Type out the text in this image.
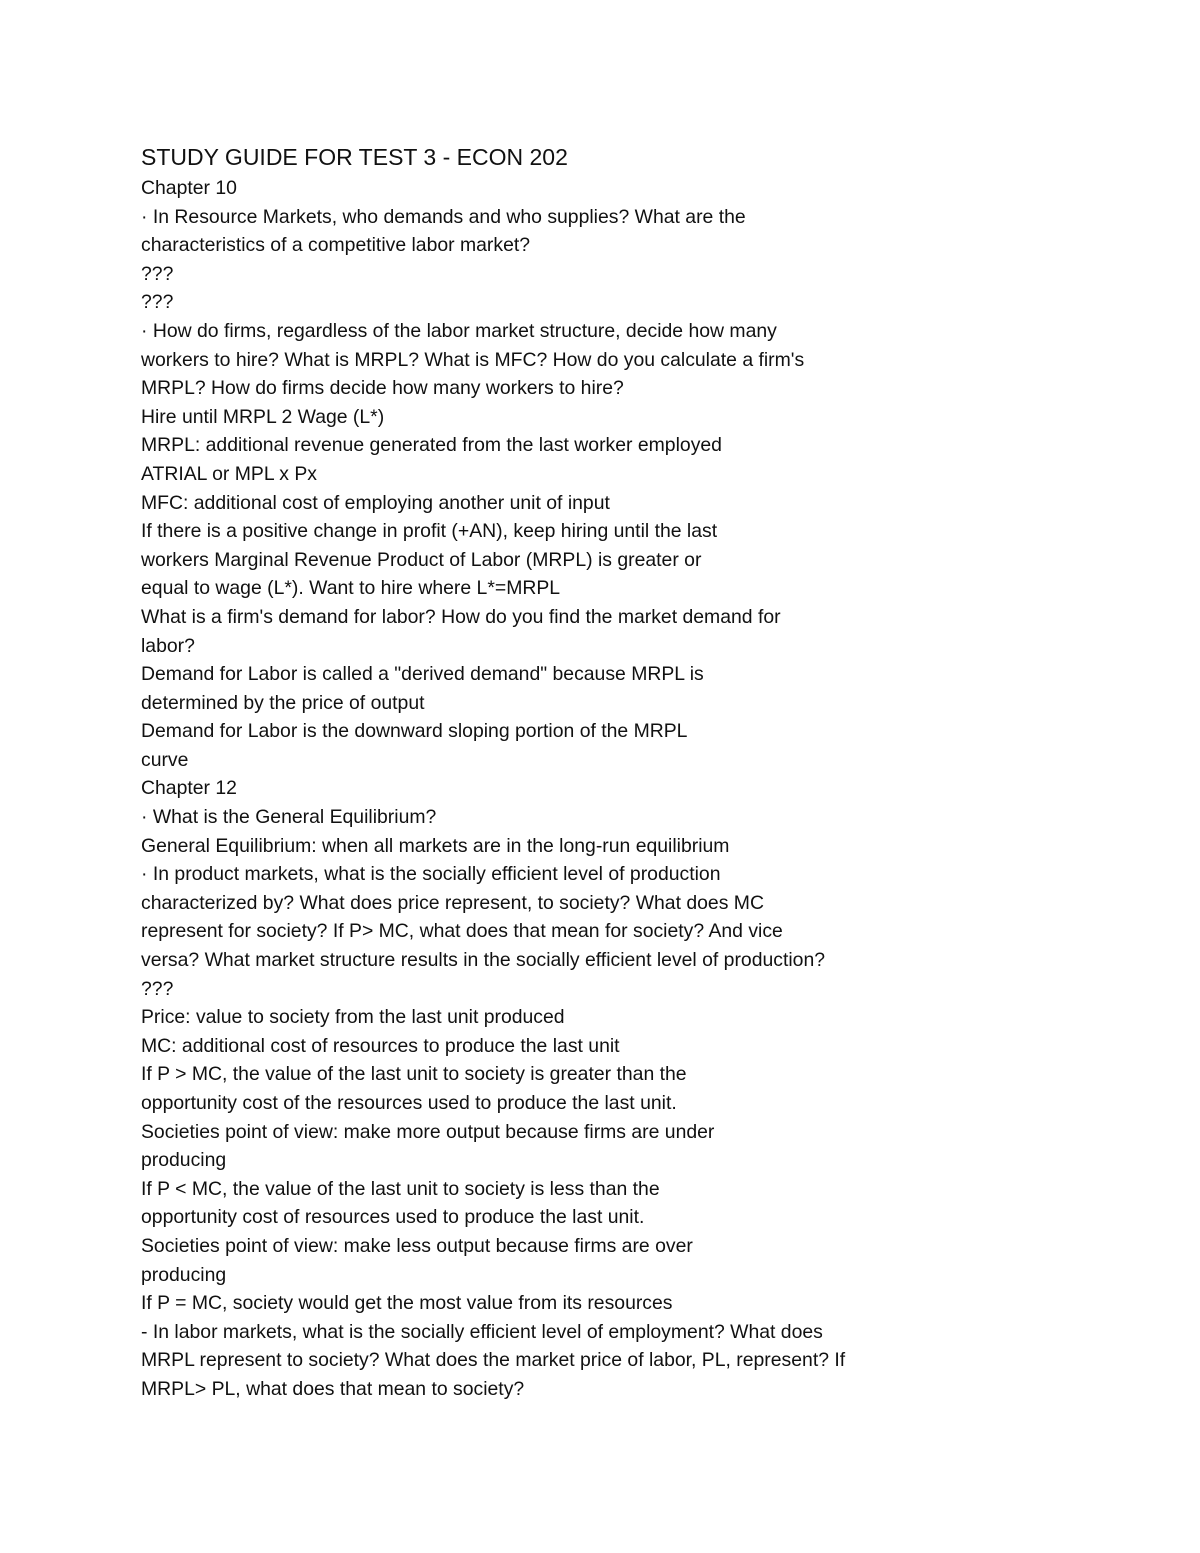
STUDY GUIDE FOR TEST 3 - ECON 202
Chapter 10
· In Resource Markets, who demands and who supplies? What are the
characteristics of a competitive labor market?
???
???
· How do firms, regardless of the labor market structure, decide how many
workers to hire? What is MRPL? What is MFC? How do you calculate a firm's
MRPL? How do firms decide how many workers to hire?
Hire until MRPL 2 Wage (L*)
MRPL: additional revenue generated from the last worker employed
ATRIAL or MPL x Px
MFC: additional cost of employing another unit of input
If there is a positive change in profit (+AN), keep hiring until the last
workers Marginal Revenue Product of Labor (MRPL) is greater or
equal to wage (L*). Want to hire where L*=MRPL
What is a firm's demand for labor? How do you find the market demand for
labor?
Demand for Labor is called a "derived demand" because MRPL is
determined by the price of output
Demand for Labor is the downward sloping portion of the MRPL
curve
Chapter 12
· What is the General Equilibrium?
General Equilibrium: when all markets are in the long-run equilibrium
· In product markets, what is the socially efficient level of production
characterized by? What does price represent, to society? What does MC
represent for society? If P> MC, what does that mean for society? And vice
versa? What market structure results in the socially efficient level of production?
???
Price: value to society from the last unit produced
MC: additional cost of resources to produce the last unit
If P > MC, the value of the last unit to society is greater than the
opportunity cost of the resources used to produce the last unit.
Societies point of view: make more output because firms are under
producing
If P < MC, the value of the last unit to society is less than the
opportunity cost of resources used to produce the last unit.
Societies point of view: make less output because firms are over
producing
If P = MC, society would get the most value from its resources
- In labor markets, what is the socially efficient level of employment? What does
MRPL represent to society? What does the market price of labor, PL, represent? If
MRPL> PL, what does that mean to society?
